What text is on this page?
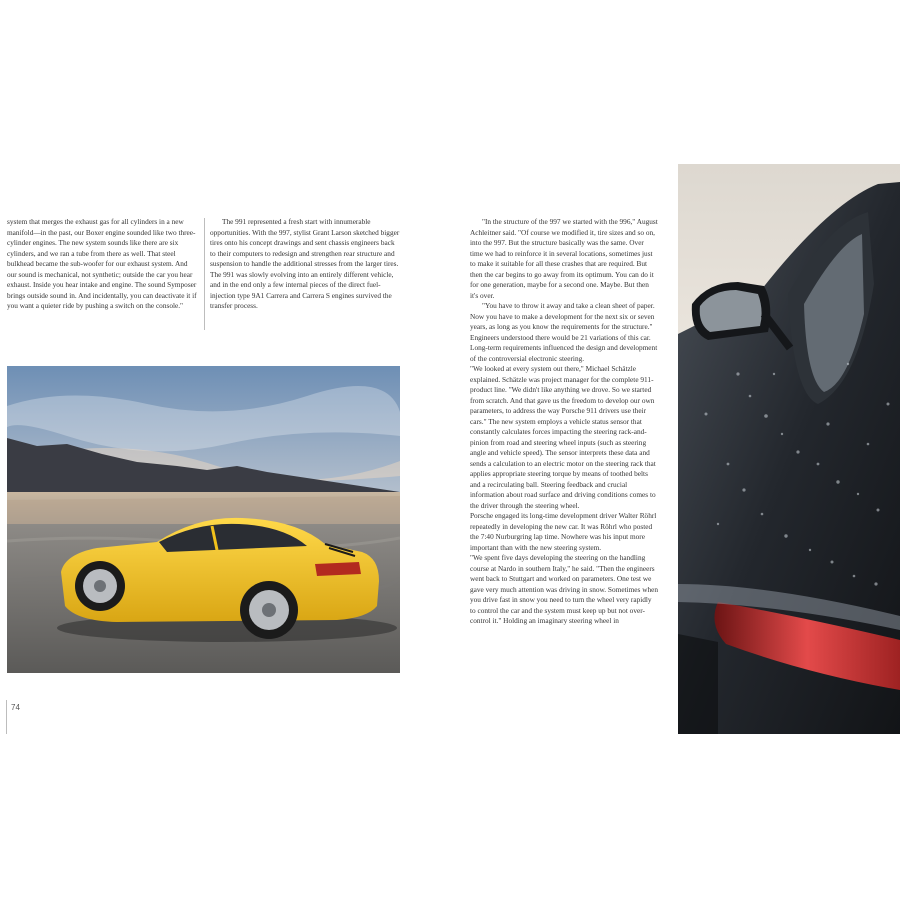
system that merges the exhaust gas for all cylinders in a new manifold—in the past, our Boxer engine sounded like two three-cylinder engines. The new system sounds like there are six cylinders, and we ran a tube from there as well. That steel bulkhead became the sub-woofer for our exhaust system. And our sound is mechanical, not synthetic; outside the car you hear exhaust. Inside you hear intake and engine. The sound Symposer brings outside sound in. And incidentally, you can deactivate it if you want a quieter ride by pushing a switch on the console."

The 991 represented a fresh start with innumerable opportunities. With the 997, stylist Grant Larson sketched bigger tires onto his concept drawings and sent chassis engineers back to their computers to redesign and strengthen rear structure and suspension to handle the additional stresses from the larger tires. The 991 was slowly evolving into an entirely different vehicle, and in the end only a few internal pieces of the direct fuel-injection type 9A1 Carrera and Carrera S engines survived the transfer process.

"In the structure of the 997 we started with the 996," August Achleitner said. "Of course we modified it, tire sizes and so on, into the 997. But the structure basically was the same. Over time we had to reinforce it in several locations, sometimes just to make it suitable for all these crashes that are required. But then the car begins to go away from its optimum. You can do it for one generation, maybe for a second one. Maybe. But then it's over.

"You have to throw it away and take a clean sheet of paper. Now you have to make a development for the next six or seven years, as long as you know the requirements for the structure." Engineers understood there would be 21 variations of this car. Long-term requirements influenced the design and development of the controversial electronic steering.

"We looked at every system out there," Michael Schätzle explained. Schätzle was project manager for the complete 911-product line. "We didn't like anything we drove. So we started from scratch. And that gave us the freedom to develop our own parameters, to address the way Porsche 911 drivers use their cars." The new system employs a vehicle status sensor that constantly calculates forces impacting the steering rack-and-pinion from road and steering wheel inputs (such as steering angle and vehicle speed). The sensor interprets these data and sends a calculation to an electric motor on the steering rack that applies appropriate steering torque by means of toothed belts and a recirculating ball. Steering feedback and crucial information about road surface and driving conditions comes to the driver through the steering wheel.

Porsche engaged its long-time development driver Walter Röhrl repeatedly in developing the new car. It was Röhrl who posted the 7:40 Nurburgring lap time. Nowhere was his input more important than with the new steering system.

"We spent five days developing the steering on the handling course at Nardo in southern Italy," he said. "Then the engineers went back to Stuttgart and worked on parameters. One test we gave very much attention was driving in snow. Sometimes when you drive fast in snow you need to turn the wheel very rapidly to control the car and the system must keep up but not over-control it." Holding an imaginary steering wheel in

74
